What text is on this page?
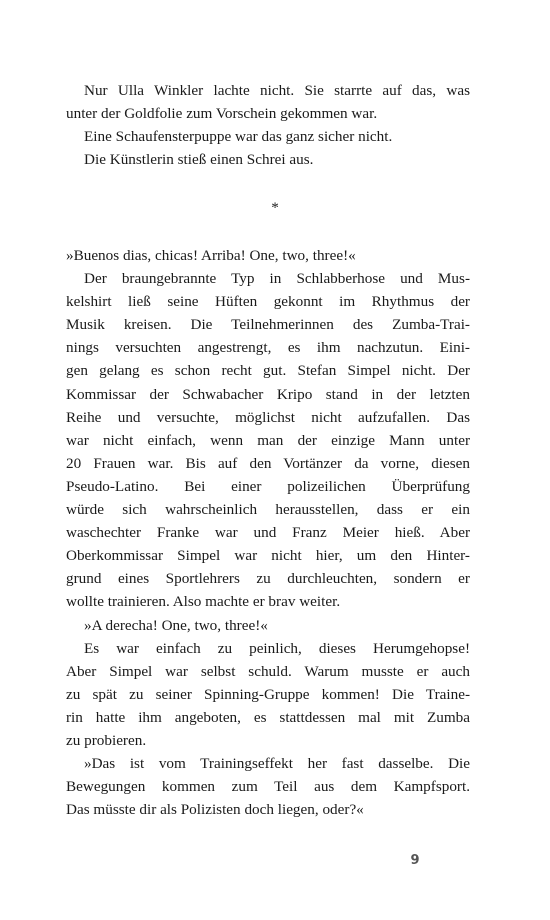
Nur Ulla Winkler lachte nicht. Sie starrte auf das, was
unter der Goldfolie zum Vorschein gekommen war.
Eine Schaufensterpuppe war das ganz sicher nicht.
Die Künstlerin stieß einen Schrei aus.
*
»Buenos dias, chicas! Arriba! One, two, three!«
Der braungebrannte Typ in Schlabberhose und Mus-
kelshirt ließ seine Hüften gekonnt im Rhythmus der
Musik kreisen. Die Teilnehmerinnen des Zumba-Trai-
nings versuchten angestrengt, es ihm nachzutun. Eini-
gen gelang es schon recht gut. Stefan Simpel nicht. Der
Kommissar der Schwabacher Kripo stand in der letzten
Reihe und versuchte, möglichst nicht aufzufallen. Das
war nicht einfach, wenn man der einzige Mann unter
20 Frauen war. Bis auf den Vortänzer da vorne, diesen
Pseudo-Latino. Bei einer polizeilichen Überprüfung
würde sich wahrscheinlich herausstellen, dass er ein
waschechter Franke war und Franz Meier hieß. Aber
Oberkommissar Simpel war nicht hier, um den Hinter-
grund eines Sportlehrers zu durchleuchten, sondern er
wollte trainieren. Also machte er brav weiter.
»A derecha! One, two, three!«
Es war einfach zu peinlich, dieses Herumgehopse!
Aber Simpel war selbst schuld. Warum musste er auch
zu spät zu seiner Spinning-Gruppe kommen! Die Traine-
rin hatte ihm angeboten, es stattdessen mal mit Zumba
zu probieren.
»Das ist vom Trainingseffekt her fast dasselbe. Die
Bewegungen kommen zum Teil aus dem Kampfsport.
Das müsste dir als Polizisten doch liegen, oder?«
9
